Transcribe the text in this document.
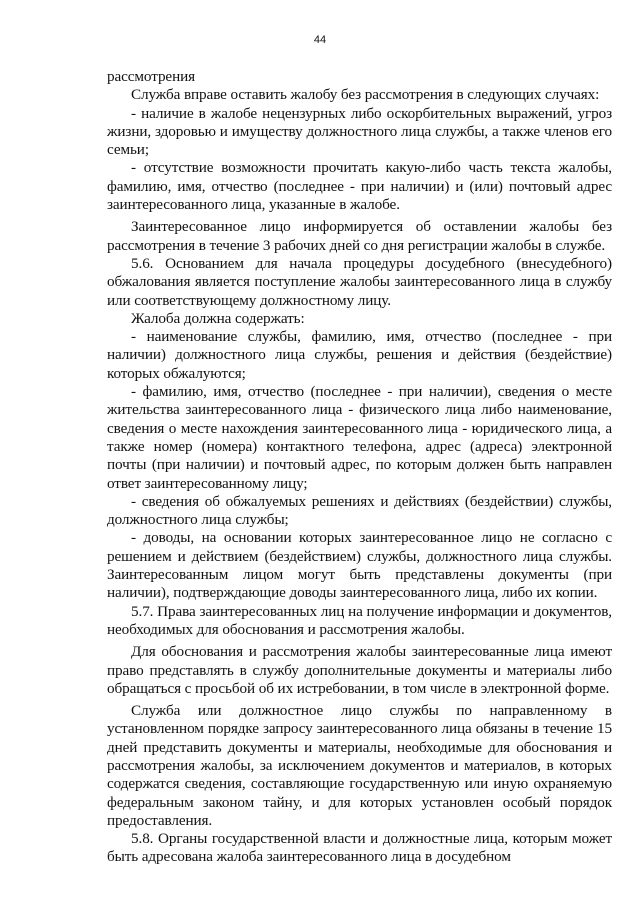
44

рассмотрения

Служба вправе оставить жалобу без рассмотрения в следующих случаях:

- наличие в жалобе нецензурных либо оскорбительных выражений, угроз жизни, здоровью и имуществу должностного лица службы, а также членов его семьи;

- отсутствие возможности прочитать какую-либо часть текста жалобы, фамилию, имя, отчество (последнее - при наличии) и (или) почтовый адрес заинтересованного лица, указанные в жалобе.

Заинтересованное лицо информируется об оставлении жалобы без рассмотрения в течение 3 рабочих дней со дня регистрации жалобы в службе.

5.6. Основанием для начала процедуры досудебного (внесудебного) обжалования является поступление жалобы заинтересованного лица в службу или соответствующему должностному лицу.

Жалоба должна содержать:

- наименование службы, фамилию, имя, отчество (последнее - при наличии) должностного лица службы, решения и действия (бездействие) которых обжалуются;

- фамилию, имя, отчество (последнее - при наличии), сведения о месте жительства заинтересованного лица - физического лица либо наименование, сведения о месте нахождения заинтересованного лица - юридического лица, а также номер (номера) контактного телефона, адрес (адреса) электронной почты (при наличии) и почтовый адрес, по которым должен быть направлен ответ заинтересованному лицу;

- сведения об обжалуемых решениях и действиях (бездействии) службы, должностного лица службы;

- доводы, на основании которых заинтересованное лицо не согласно с решением и действием (бездействием) службы, должностного лица службы. Заинтересованным лицом могут быть представлены документы (при наличии), подтверждающие доводы заинтересованного лица, либо их копии.

5.7. Права заинтересованных лиц на получение информации и документов, необходимых для обоснования и рассмотрения жалобы.

Для обоснования и рассмотрения жалобы заинтересованные лица имеют право представлять в службу дополнительные документы и материалы либо обращаться с просьбой об их истребовании, в том числе в электронной форме.

Служба или должностное лицо службы по направленному в установленном порядке запросу заинтересованного лица обязаны в течение 15 дней представить документы и материалы, необходимые для обоснования и рассмотрения жалобы, за исключением документов и материалов, в которых содержатся сведения, составляющие государственную или иную охраняемую федеральным законом тайну, и для которых установлен особый порядок предоставления.

5.8. Органы государственной власти и должностные лица, которым может быть адресована жалоба заинтересованного лица в досудебном
